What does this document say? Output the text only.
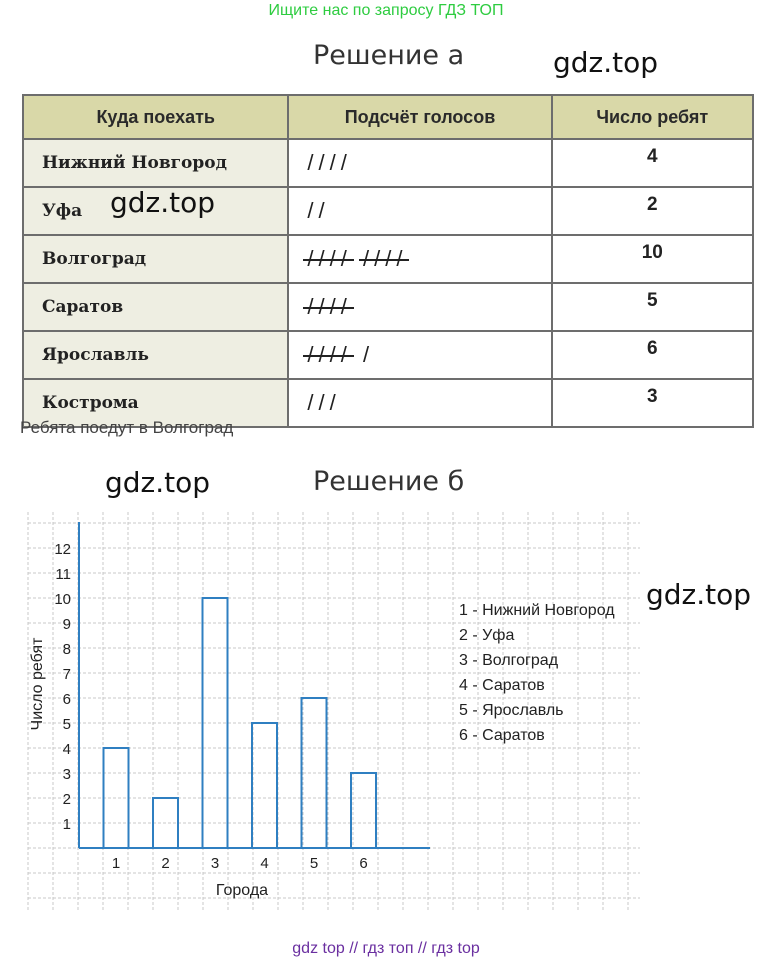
Ищите нас по запросу ГДЗ ТОП
Решение а	gdz.top
Куда поехать	Подсчёт голосов	Число ребят
Нижний Новгород	////	4
Уфа	//	2
Волгоград	//// ////	10
Саратов	////	5
Ярославль	//// /	6
Кострома	///	3
gdz.top
Ребята поедут в Волгоград
gdz.top	Решение б
gdz.top
1
2
3
4
5
6
7
8
9
10
11
12
1	2	3	4	5	6
Города
Число ребят
1 - Нижний Новгород
2 - Уфа
3 - Волгоград
4 - Саратов
5 - Ярославль
6 - Саратов
gdz top // гдз топ // гдз top
